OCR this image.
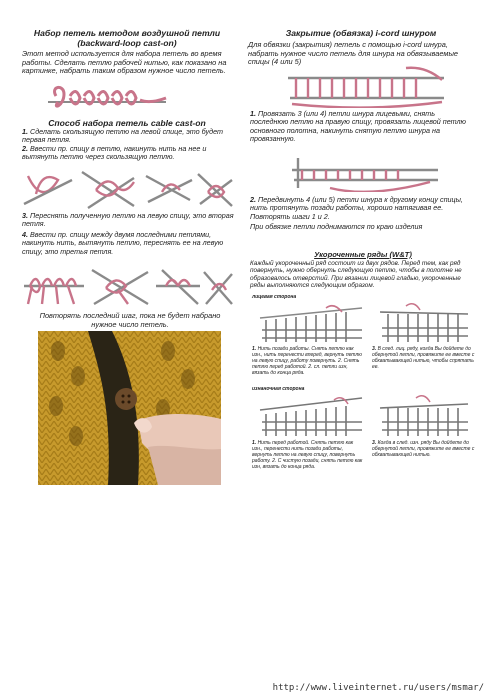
Набор петель методом воздушной петли
(backward-loop cast-on)
Этот метод используется для набора петель во время работы. Сделать петлю рабочей нитью, как показано на картинке, набрать таким образом нужное число петель.
Способ набора петель cable cast-on

1. Сделать скользящую петлю на левой спице, это будет первая петля.

2. Ввести пр. спицу в петлю, накинуть нить на нее и вытянуть петлю через скользящую петлю.

3. Переснять полученную петлю на левую спицу, это вторая петля.

4. Ввести пр. спицу между двумя последними петлями, накинуть нить, вытянуть петлю, переснять ее на левую спицу, это третья петля.

Повторять последний шаг, пока не будет набрано нужное число петель.
Закрытие (обвязка) i-cord шнуром
Для обвязки (закрытия) петель с помощью i-cord шнура, набрать нужное число петель для шнура на обвязываемые спицы (4 или 5)

1. Провязать 3 (или 4) петли шнура лицевыми, снять последнюю петлю на правую спицу, провязать лицевой петлю основного полотна, накинуть снятую петлю шнура на провязанную.

2. Передвинуть 4 (или 5) петли шнура к другому концу спицы, нить протянуть позади работы, хорошо натягивая ее.

Повторять шаги 1 и 2.

При обвязке петли поднимаются по краю изделия

Укороченные ряды (W&T)
Каждый укороченный ряд состоит из двух рядов. Перед тем, как ряд повернуть, нужно обернуть следующую петлю, чтобы в полотне не образовалось отверстий. При вязании лицевой гладью, укороченные ряды выполняются следующим образом.
лицевая сторона
1. Нить позади работы. Снять петлю как изн., нить перенести вперед, вернуть петлю на левую спицу, работу повернуть. 2. Снять петлю перед работой. 2. сл. петли изн, вязать до конца ряда.
3. В след. лиц. ряду, когда Вы дойдете до обернутой петли, провяжите ее вместе с обхватывающей нитью, чтобы спрятать ее.
изнаночная сторона
1. Нить перед работой. Снять петлю как изн., перенести нить позади работы, вернуть петлю на левую спицу, повернуть работу. 2. С чистую позади, снять петлю как изн, вязать до конца ряда.
3. Когда в след. изн. ряду Вы дойдете до обернутой петли, провяжите ее вместе с обхватывающей нитью.
http://www.liveinternet.ru/users/msmar/
